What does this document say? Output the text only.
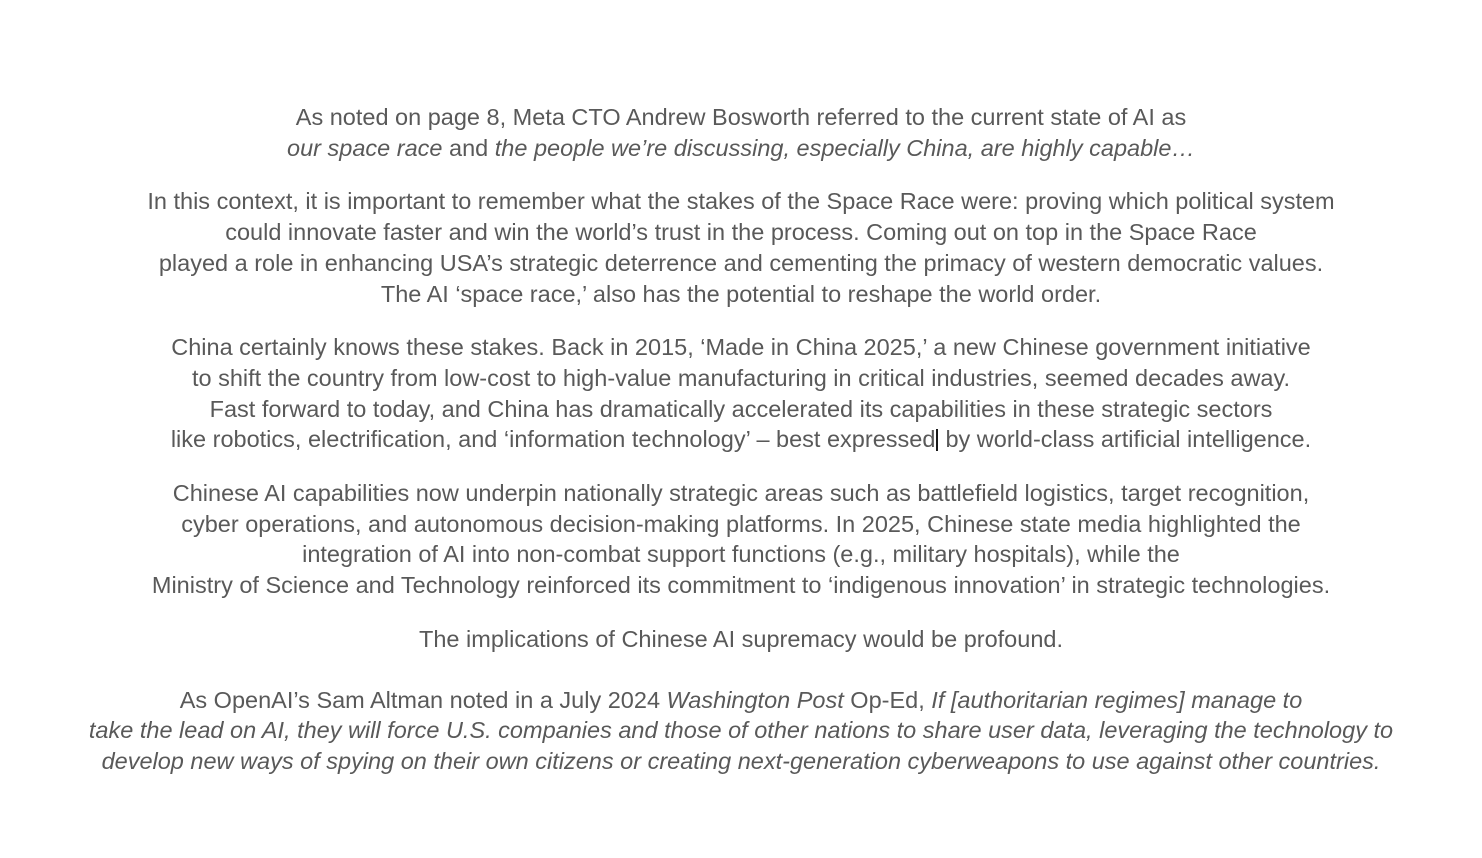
As noted on page 8, Meta CTO Andrew Bosworth referred to the current state of AI as
our space race and the people we’re discussing, especially China, are highly capable…

In this context, it is important to remember what the stakes of the Space Race were: proving which political system
could innovate faster and win the world’s trust in the process. Coming out on top in the Space Race
played a role in enhancing USA’s strategic deterrence and cementing the primacy of western democratic values.
The AI ‘space race,’ also has the potential to reshape the world order.

China certainly knows these stakes. Back in 2015, ‘Made in China 2025,’ a new Chinese government initiative
to shift the country from low-cost to high-value manufacturing in critical industries, seemed decades away.
Fast forward to today, and China has dramatically accelerated its capabilities in these strategic sectors
like robotics, electrification, and ‘information technology’ – best expressed by world-class artificial intelligence.

Chinese AI capabilities now underpin nationally strategic areas such as battlefield logistics, target recognition,
cyber operations, and autonomous decision-making platforms. In 2025, Chinese state media highlighted the
integration of AI into non-combat support functions (e.g., military hospitals), while the
Ministry of Science and Technology reinforced its commitment to ‘indigenous innovation’ in strategic technologies.

The implications of Chinese AI supremacy would be profound.

As OpenAI’s Sam Altman noted in a July 2024 Washington Post Op-Ed, If [authoritarian regimes] manage to
take the lead on AI, they will force U.S. companies and those of other nations to share user data, leveraging the technology to
develop new ways of spying on their own citizens or creating next-generation cyberweapons to use against other countries.
